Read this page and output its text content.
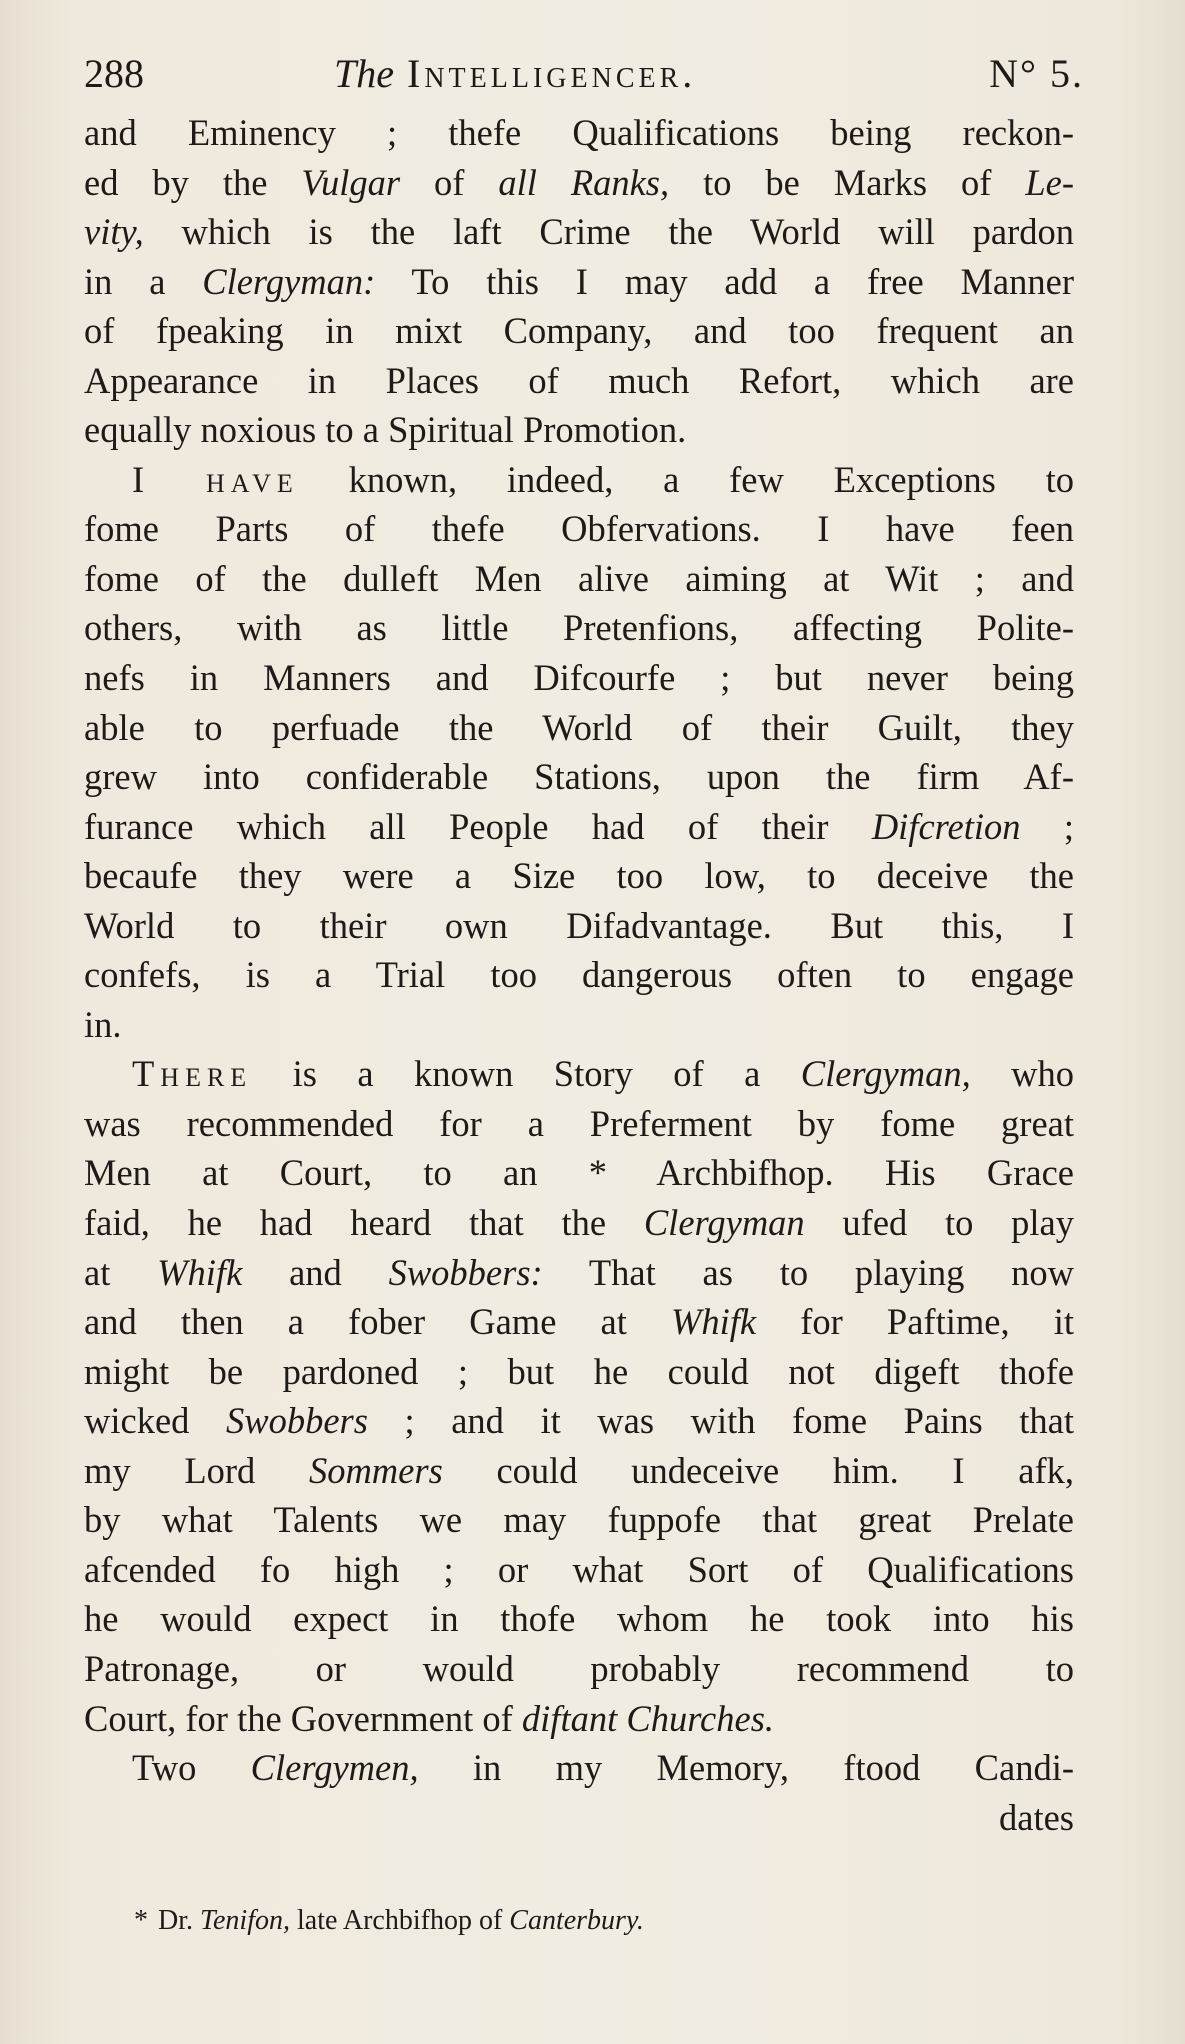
288	The Intelligencer.	N° 5.
and Eminency ; thefe Qualifications being reckon-
ed by the Vulgar of all Ranks, to be Marks of Le-
vity, which is the laft Crime the World will pardon
in a Clergyman: To this I may add a free Manner
of fpeaking in mixt Company, and too frequent an
Appearance in Places of much Refort, which are
equally noxious to a Spiritual Promotion.
I have known, indeed, a few Exceptions to
fome Parts of thefe Obfervations. I have feen
fome of the dulleft Men alive aiming at Wit ; and
others, with as little Pretenfions, affecting Polite-
nefs in Manners and Difcourfe ; but never being
able to perfuade the World of their Guilt, they
grew into confiderable Stations, upon the firm Af-
furance which all People had of their Difcretion ;
becaufe they were a Size too low, to deceive the
World to their own Difadvantage. But this, I
confefs, is a Trial too dangerous often to engage
in.
There is a known Story of a Clergyman, who
was recommended for a Preferment by fome great
Men at Court, to an * Archbifhop. His Grace
faid, he had heard that the Clergyman ufed to play
at Whifk and Swobbers: That as to playing now
and then a fober Game at Whifk for Paftime, it
might be pardoned ; but he could not digeft thofe
wicked Swobbers ; and it was with fome Pains that
my Lord Sommers could undeceive him. I afk,
by what Talents we may fuppofe that great Prelate
afcended fo high ; or what Sort of Qualifications
he would expect in thofe whom he took into his
Patronage, or would probably recommend to
Court, for the Government of diftant Churches.
Two Clergymen, in my Memory, ftood Candi-
dates
* Dr. Tenifon, late Archbifhop of Canterbury.
